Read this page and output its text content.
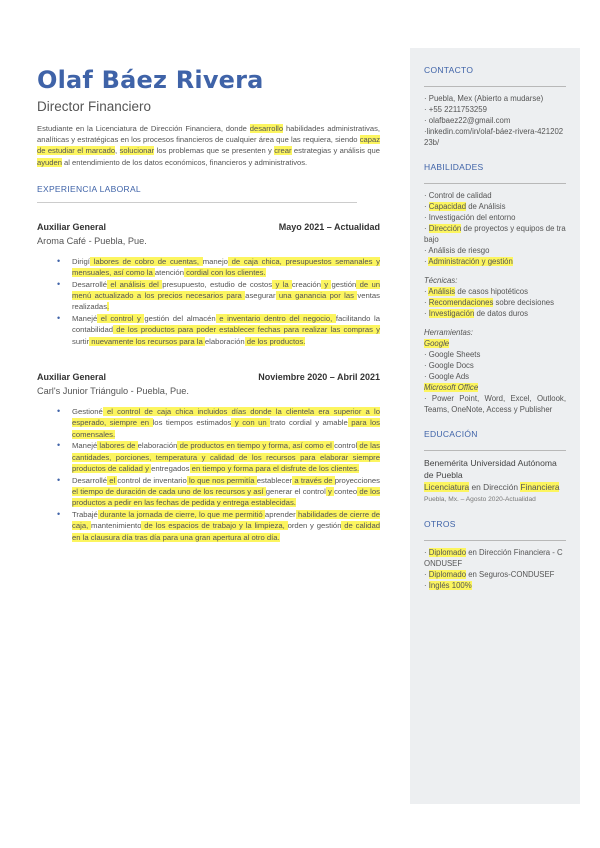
Olaf Báez Rivera
Director Financiero
Estudiante en la Licenciatura de Dirección Financiera, donde desarrollo habilidades administrativas, analíticas y estratégicas en los procesos financieros de cualquier área que las requiera, siendo capaz de estudiar el marcado, solucionar los problemas que se presenten y crear estrategias y análisis que ayuden al entendimiento de los datos económicos, financieros y administrativos.
EXPERIENCIA LABORAL
Auxiliar General	Mayo 2021 – Actualidad
Aroma Café - Puebla, Pue.
• Dirigí labores de cobro de cuentas, manejo de caja chica, presupuestos semanales y mensuales, así como la atención cordial con los clientes.
• Desarrollé el análisis del presupuesto, estudio de costos y la creación y gestión de un menú actualizado a los precios necesarios para asegurar una ganancia por las ventas realizadas.
• Manejé el control y gestión del almacén e inventario dentro del negocio, facilitando la contabilidad de los productos para poder establecer fechas para realizar las compras y surtir nuevamente los recursos para la elaboración de los productos.
Auxiliar General	Noviembre 2020 – Abril 2021
Carl's Junior Triángulo - Puebla, Pue.
• Gestioné el control de caja chica incluidos días donde la clientela era superior a lo esperado, siempre en los tiempos estimados y con un trato cordial y amable para los comensales.
• Manejé labores de elaboración de productos en tiempo y forma, así como el control de las cantidades, porciones, temperatura y calidad de los recursos para elaborar siempre productos de calidad y entregados en tiempo y forma para el disfrute de los clientes.
• Desarrollé el control de inventario lo que nos permitía establecer a través de proyecciones el tiempo de duración de cada uno de los recursos y así generar el control y conteo de los productos a pedir en las fechas de pedida y entrega establecidas.
• Trabajé durante la jornada de cierre, lo que me permitió aprender habilidades de cierre de caja, mantenimiento de los espacios de trabajo y la limpieza, orden y gestión de calidad en la clausura día tras día para una gran apertura al otro día.
CONTACTO
· Puebla, Mex (Abierto a mudarse)
· +55 2211753259
· olafbaez22@gmail.com
·linkedin.com/in/olaf-báez-rivera-42120223b/
HABILIDADES
· Control de calidad
· Capacidad de Análisis
· Investigación del entorno
· Dirección de proyectos y equipos de trabajo
· Análisis de riesgo
· Administración y gestión
Técnicas:
· Análisis de casos hipotéticos
· Recomendaciones sobre decisiones
· Investigación de datos duros
Herramientas:
Google
· Google Sheets
· Google Docs
· Google Ads
Microsoft Office
· Power Point, Word, Excel, Outlook, Teams, OneNote, Access y Publisher
EDUCACIÓN
Benemérita Universidad Autónoma de Puebla
Licenciatura en Dirección Financiera
Puebla, Mx. – Agosto 2020-Actualidad
OTROS
· Diplomado en Dirección Financiera - CONDUSEF
· Diplomado en Seguros-CONDUSEF
· Inglés 100%
